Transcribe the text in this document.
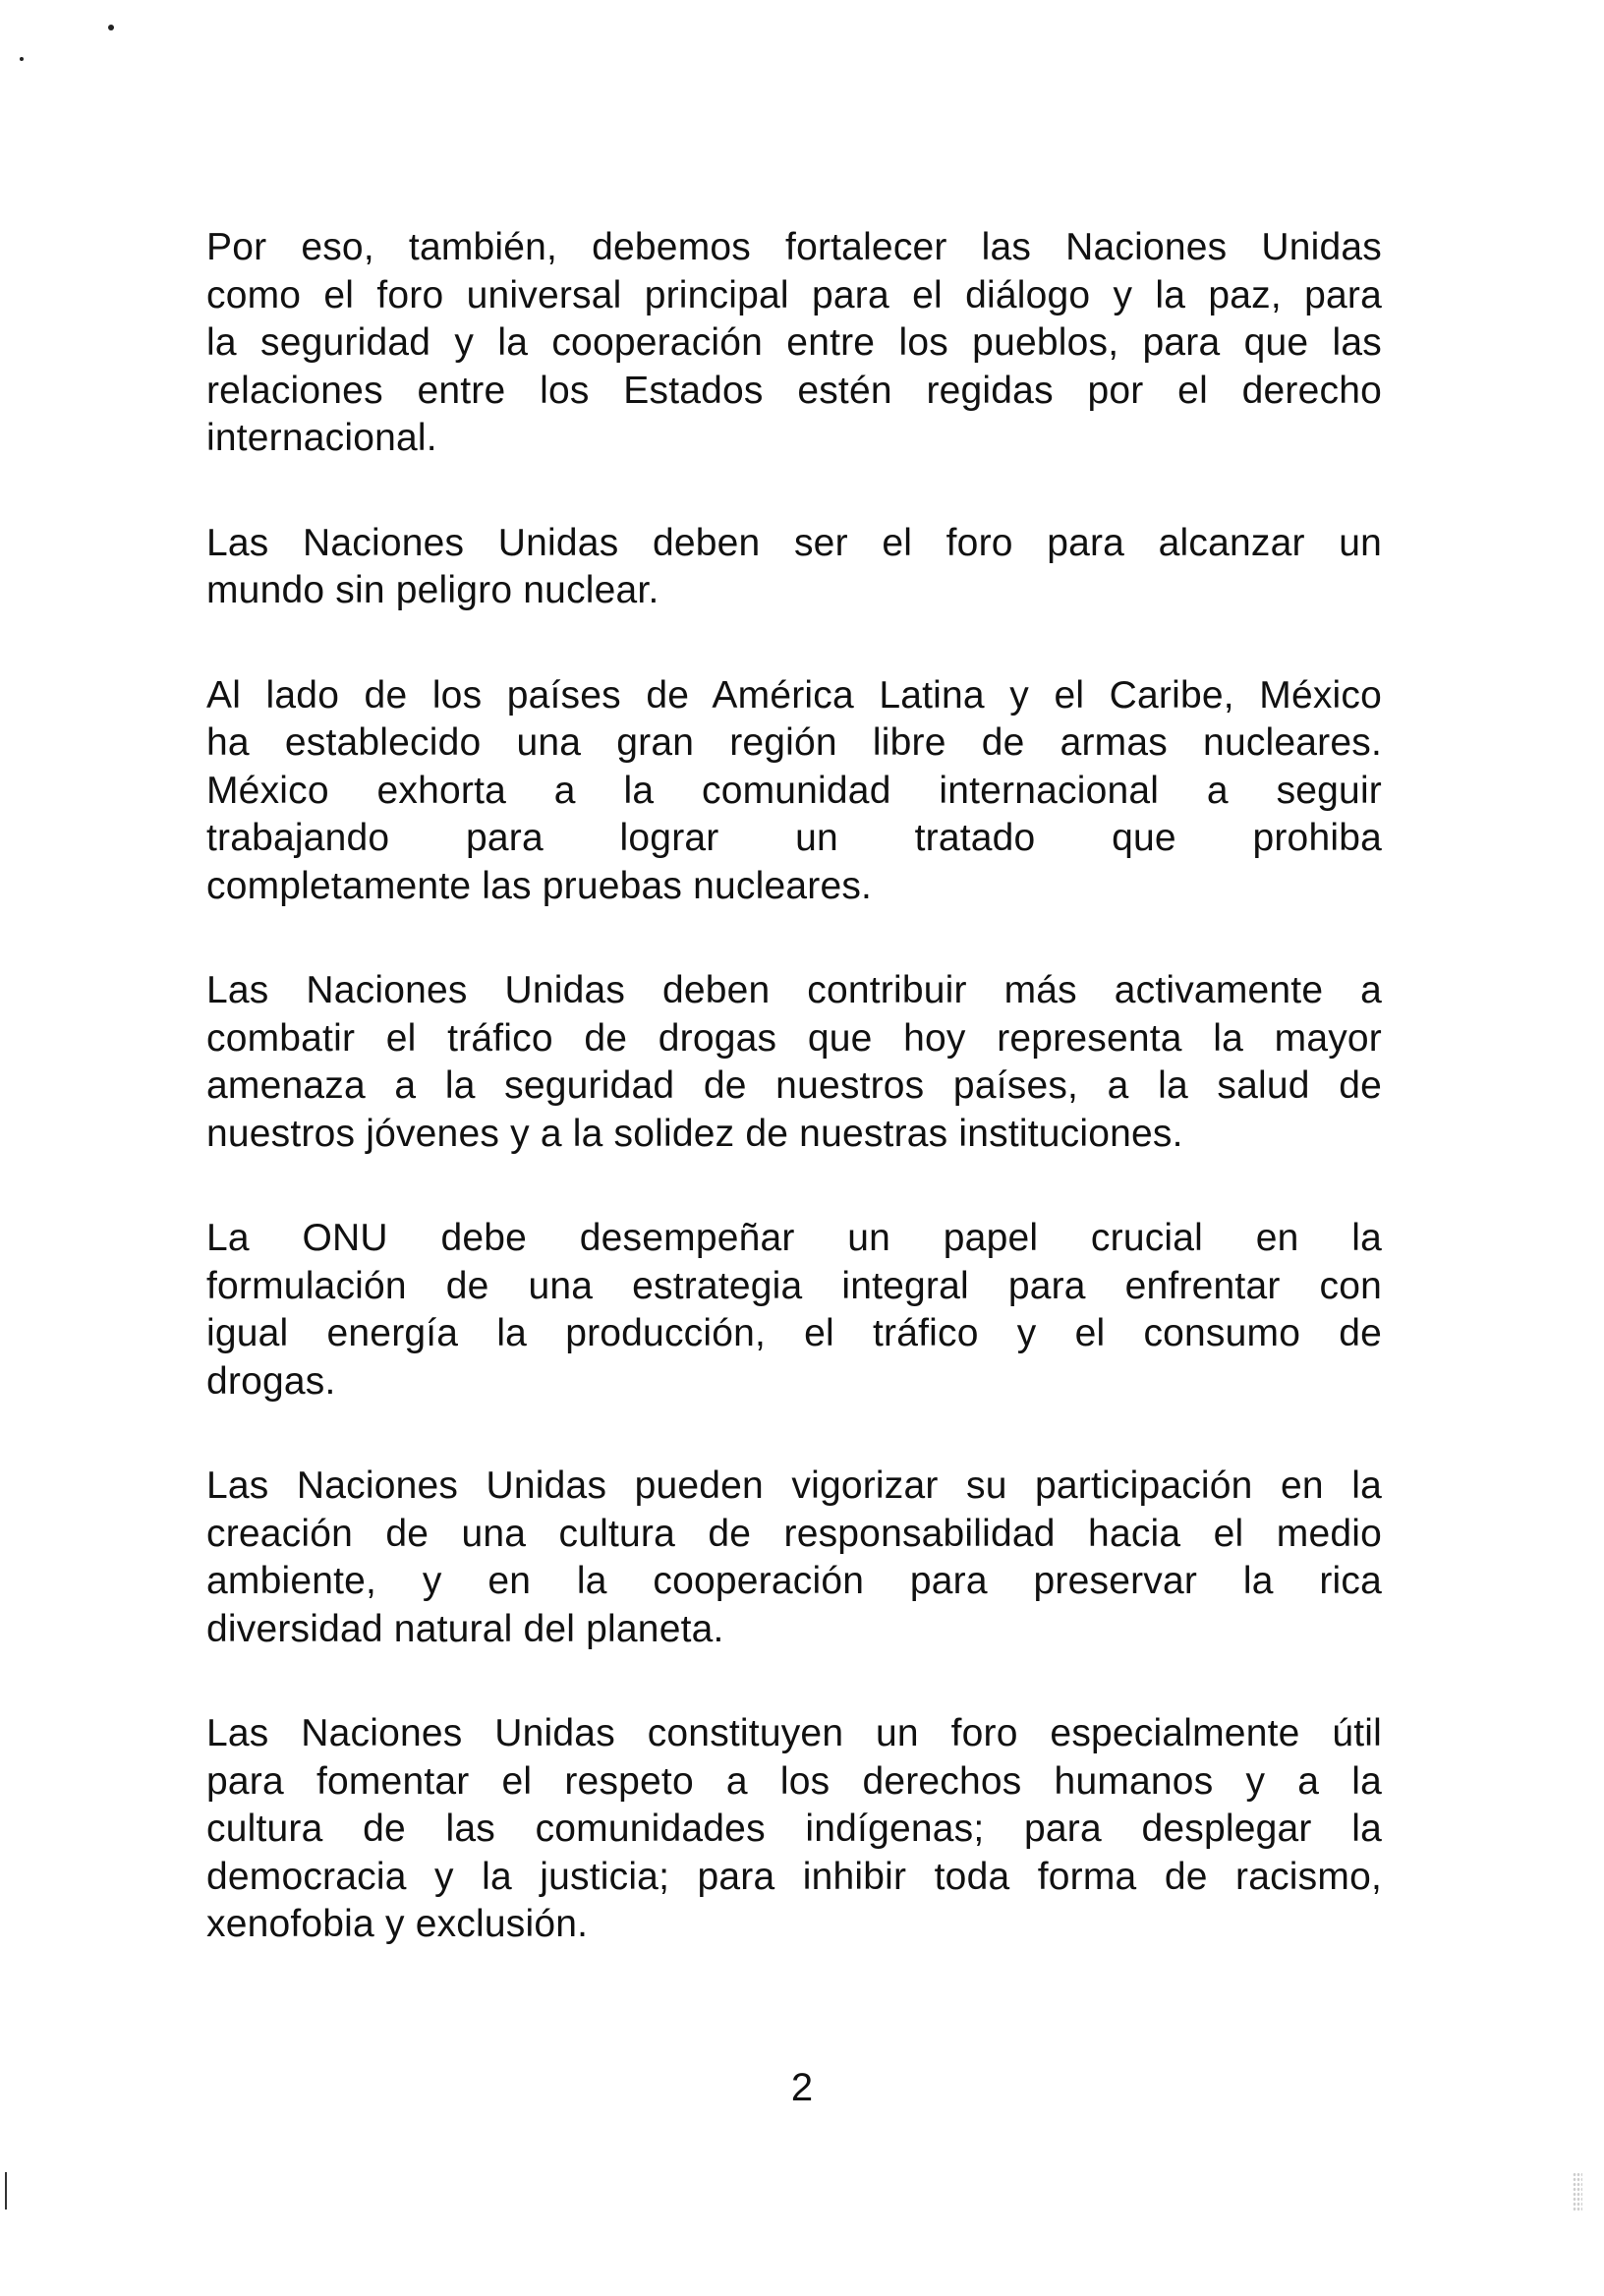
Por eso, también, debemos fortalecer las Naciones Unidas
como el foro universal principal para el diálogo y la paz, para
la seguridad y la cooperación entre los pueblos, para que las
relaciones entre los Estados estén regidas por el derecho
internacional.

Las Naciones Unidas deben ser el foro para alcanzar un
mundo sin peligro nuclear.

Al lado de los países de América Latina y el Caribe, México
ha establecido una gran región libre de armas nucleares.
México exhorta a la comunidad internacional a seguir
trabajando para lograr un tratado que prohiba
completamente las pruebas nucleares.

Las Naciones Unidas deben contribuir más activamente a
combatir el tráfico de drogas que hoy representa la mayor
amenaza a la seguridad de nuestros países, a la salud de
nuestros jóvenes y a la solidez de nuestras instituciones.

La ONU debe desempeñar un papel crucial en la
formulación de una estrategia integral para enfrentar con
igual energía la producción, el tráfico y el consumo de
drogas.

Las Naciones Unidas pueden vigorizar su participación en la
creación de una cultura de responsabilidad hacia el medio
ambiente, y en la cooperación para preservar la rica
diversidad natural del planeta.

Las Naciones Unidas constituyen un foro especialmente útil
para fomentar el respeto a los derechos humanos y a la
cultura de las comunidades indígenas; para desplegar la
democracia y la justicia; para inhibir toda forma de racismo,
xenofobia y exclusión.

2
